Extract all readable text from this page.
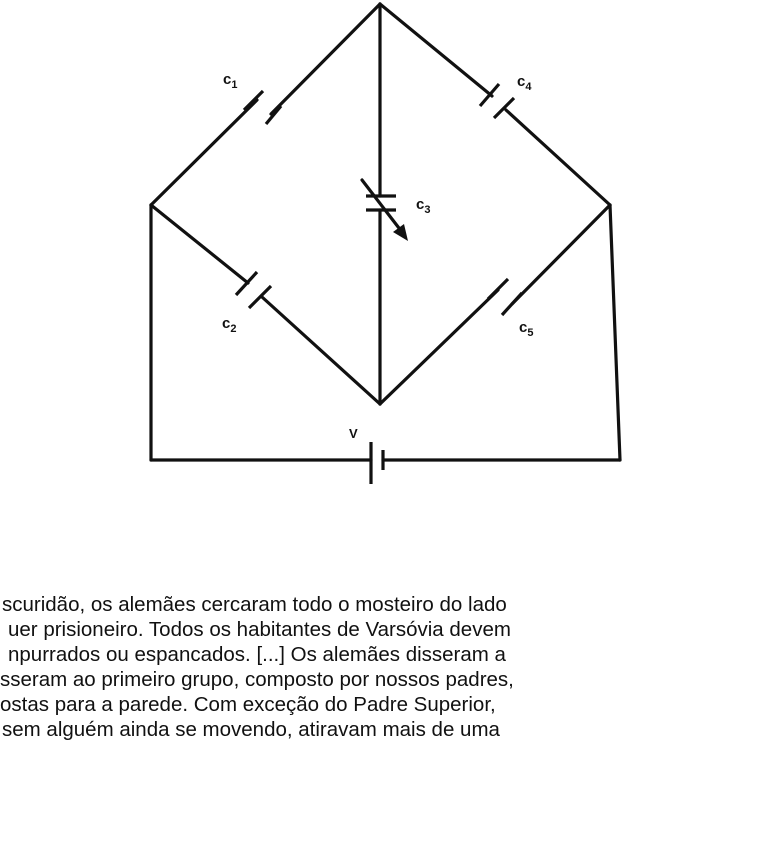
$c_1$	$c_4$
$c_3$
$c_2$	$c_5$
V
scuridão, os alemães cercaram todo o mosteiro do lado
uer prisioneiro. Todos os habitantes de Varsóvia devem
npurrados ou espancados. [...] Os alemães disseram a
sseram ao primeiro grupo, composto por nossos padres,
ostas para a parede. Com exceção do Padre Superior,
sem alguém ainda se movendo, atiravam mais de uma
